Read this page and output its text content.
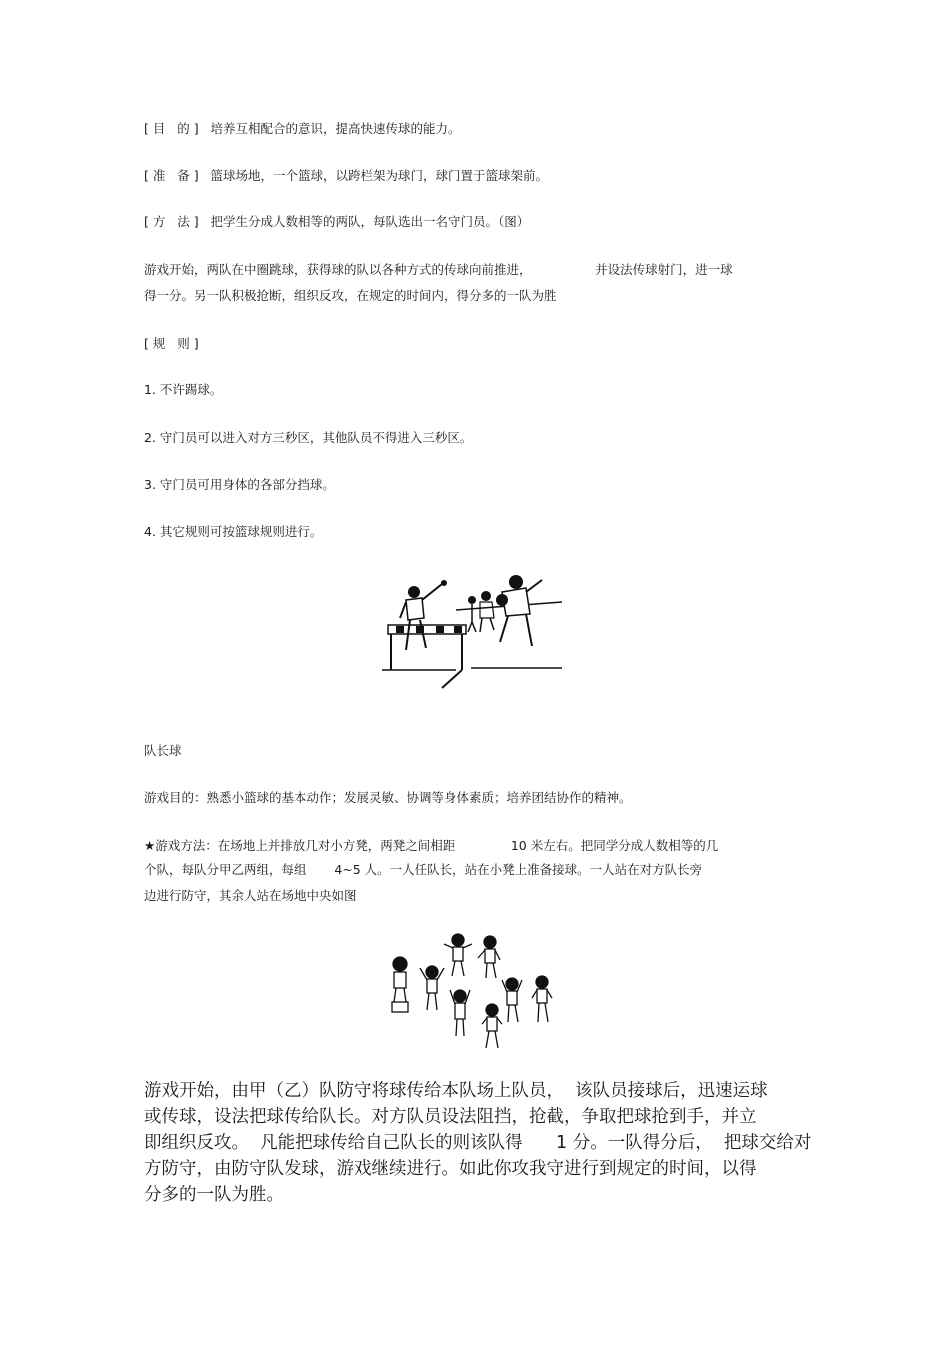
[ 目   的 ]   培养互相配合的意识，提高快速传球的能力。
[ 准   备 ]   篮球场地，一个篮球，以跨栏架为球门，球门置于篮球架前。
[ 方   法 ]   把学生分成人数相等的两队，每队选出一名守门员。（图）
游戏开始，两队在中圈跳球，获得球的队以各种方式的传球向前推进，                并设法传球射门，进一球
得一分。另一队积极抢断，组织反攻，在规定的时间内，得分多的一队为胜
[ 规   则 ]
1. 不许踢球。
2. 守门员可以进入对方三秒区，其他队员不得进入三秒区。
3. 守门员可用身体的各部分挡球。
4. 其它规则可按篮球规则进行。
队长球
游戏目的：熟悉小篮球的基本动作；发展灵敏、协调等身体素质；培养团结协作的精神。
★游戏方法：在场地上并排放几对小方凳，两凳之间相距              10 米左右。把同学分成人数相等的几
个队，每队分甲乙两组，每组       4~5 人。一人任队长，站在小凳上准备接球。一人站在对方队长旁
边进行防守，其余人站在场地中央如图
游戏开始，由甲（乙）队防守将球传给本队场上队员，  该队员接球后，迅速运球
或传球，设法把球传给队长。对方队员设法阻挡，抢截，争取把球抢到手，并立
即组织反攻。  凡能把球传给自己队长的则该队得      1 分。一队得分后，  把球交给对
方防守，由防守队发球，游戏继续进行。如此你攻我守进行到规定的时间，以得
分多的一队为胜。
